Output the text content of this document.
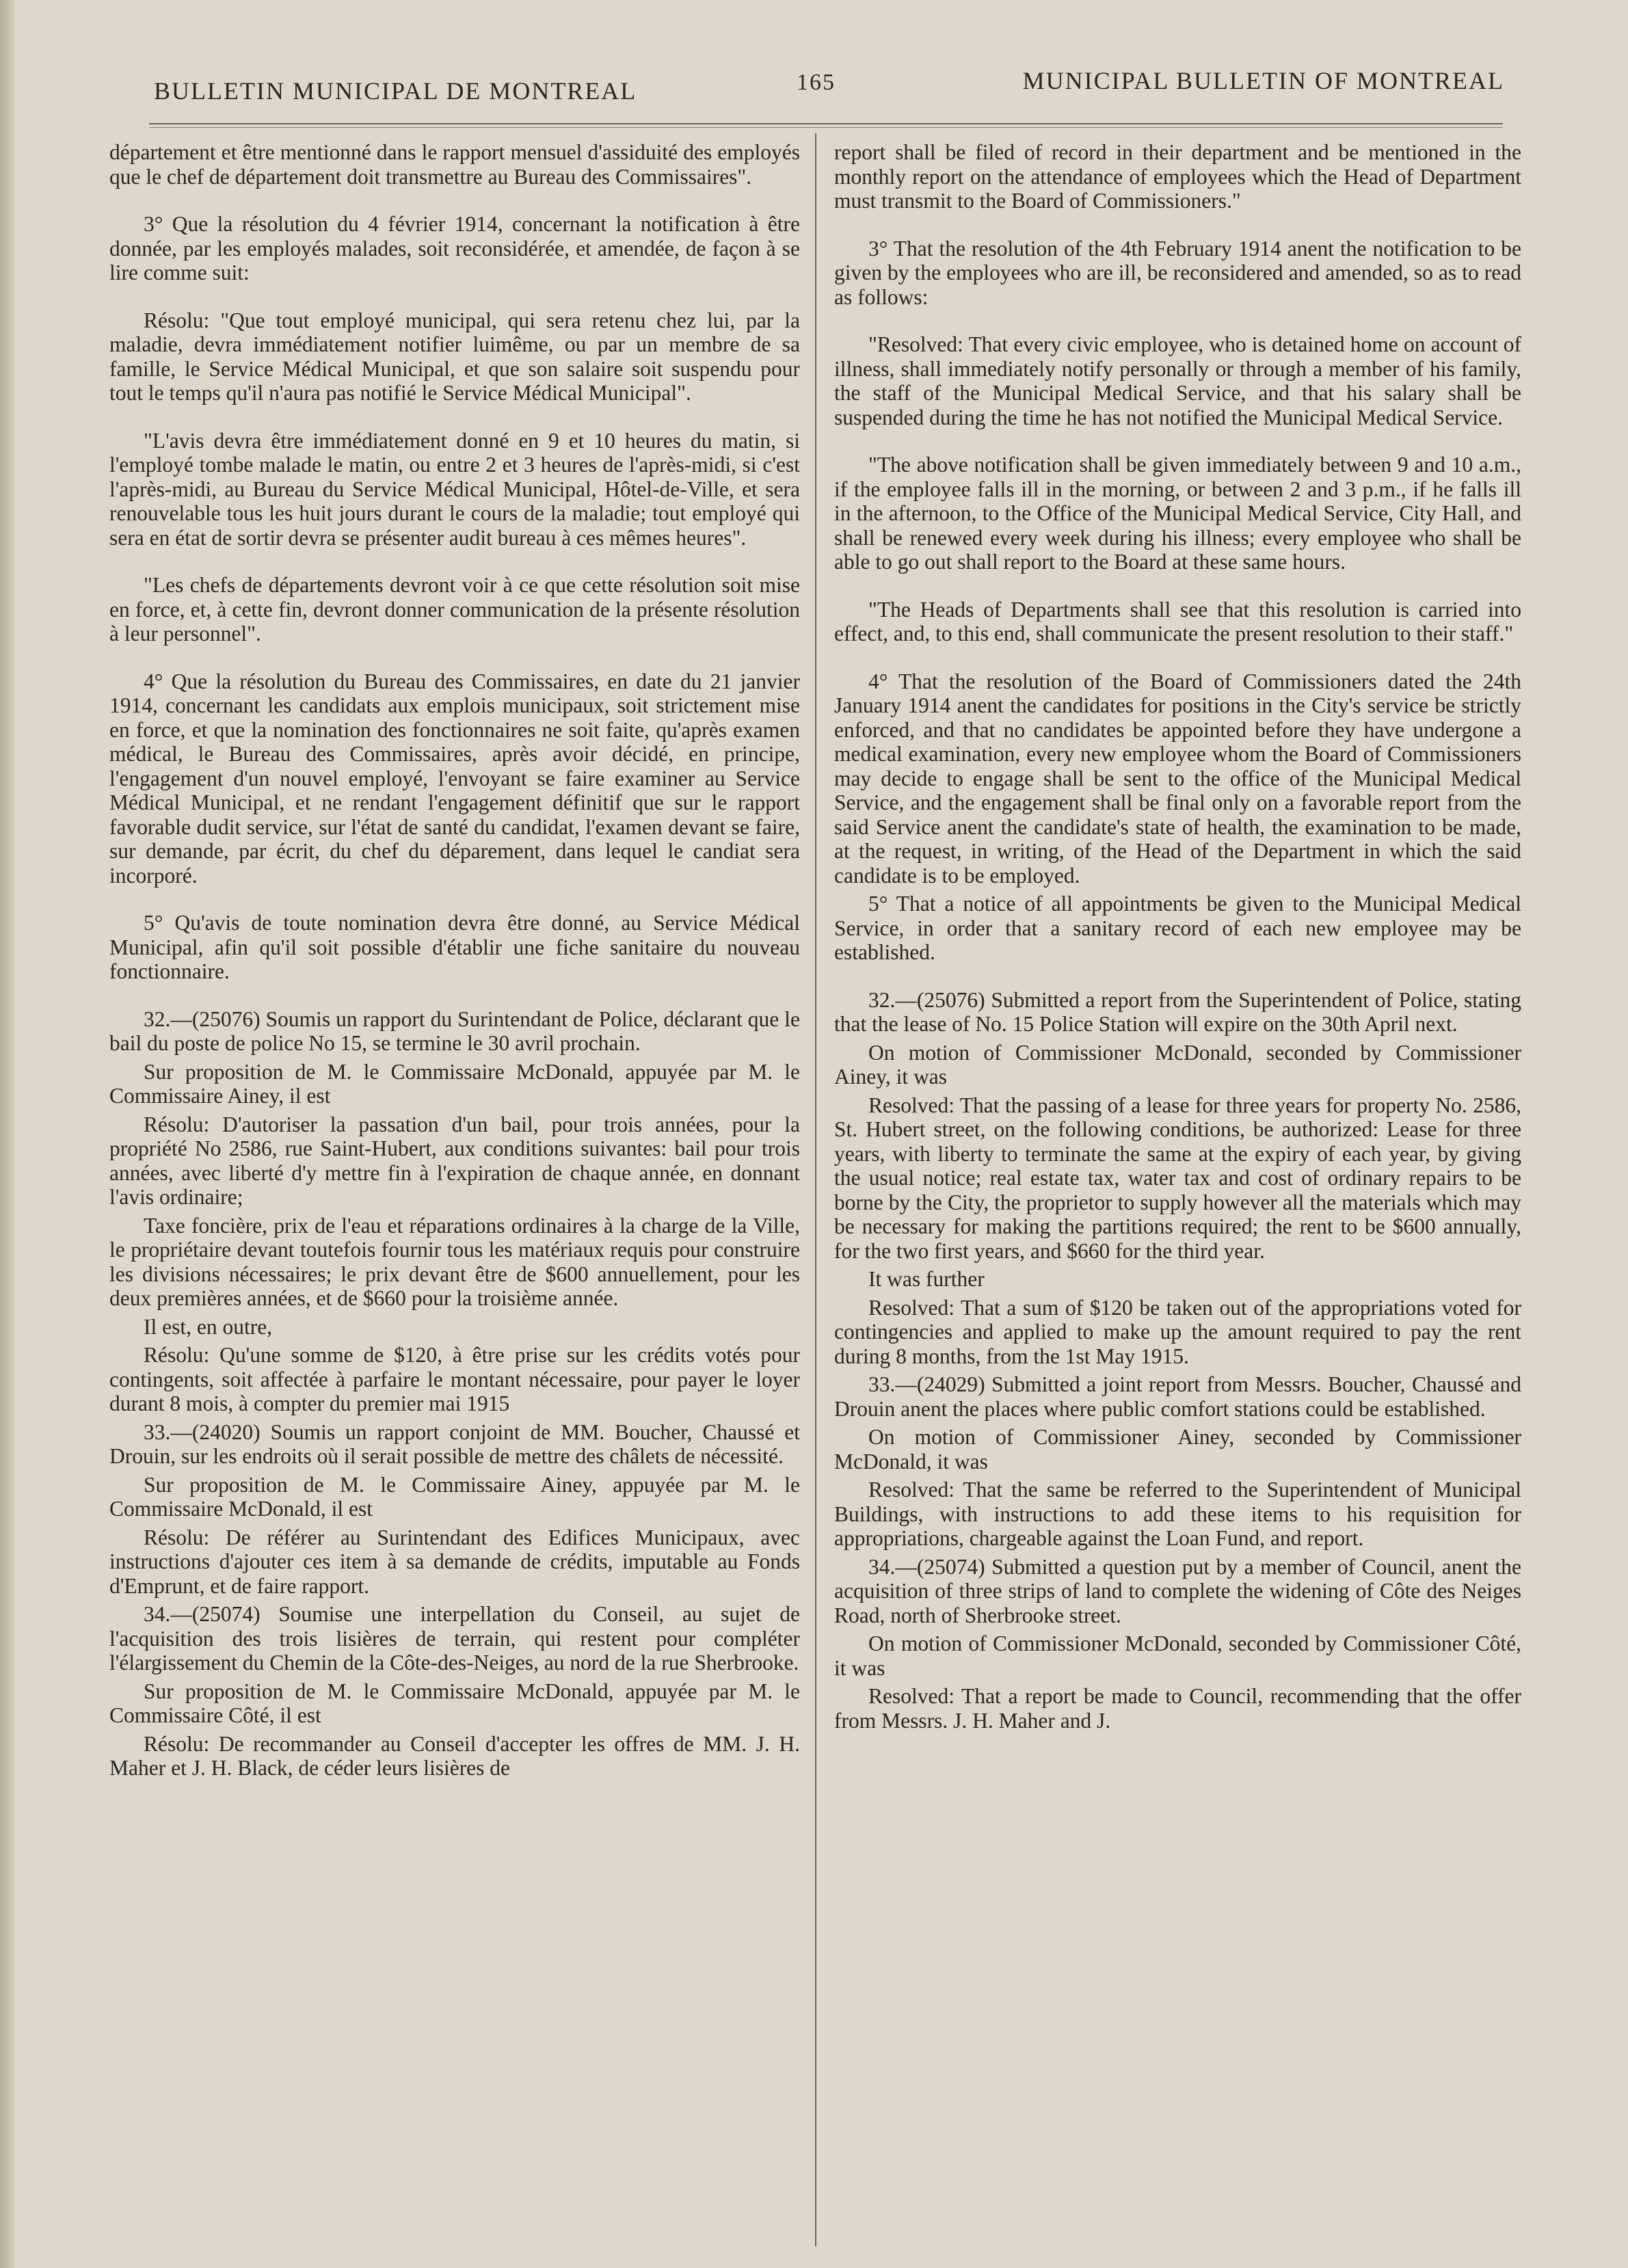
BULLETIN MUNICIPAL DE MONTREAL	165	MUNICIPAL BULLETIN OF MONTREAL

département et être mentionné dans le rapport mensuel d'assiduité des employés que le chef de département doit transmettre au Bureau des Commissaires".

3° Que la résolution du 4 février 1914, concernant la notification à être donnée, par les employés malades, soit reconsidérée, et amendée, de façon à se lire comme suit:

Résolu: "Que tout employé municipal, qui sera retenu chez lui, par la maladie, devra immédiatement notifier luimême, ou par un membre de sa famille, le Service Médical Municipal, et que son salaire soit suspendu pour tout le temps qu'il n'aura pas notifié le Service Médical Municipal".

"L'avis devra être immédiatement donné en 9 et 10 heures du matin, si l'employé tombe malade le matin, ou entre 2 et 3 heures de l'après-midi, si c'est l'après-midi, au Bureau du Service Médical Municipal, Hôtel-de-Ville, et sera renouvelable tous les huit jours durant le cours de la maladie; tout employé qui sera en état de sortir devra se présenter audit bureau à ces mêmes heures".

"Les chefs de départements devront voir à ce que cette résolution soit mise en force, et, à cette fin, devront donner communication de la présente résolution à leur personnel".

4° Que la résolution du Bureau des Commissaires, en date du 21 janvier 1914, concernant les candidats aux emplois municipaux, soit strictement mise en force, et que la nomination des fonctionnaires ne soit faite, qu'après examen médical, le Bureau des Commissaires, après avoir décidé, en principe, l'engagement d'un nouvel employé, l'envoyant se faire examiner au Service Médical Municipal, et ne rendant l'engagement définitif que sur le rapport favorable dudit service, sur l'état de santé du candidat, l'examen devant se faire, sur demande, par écrit, du chef du déparement, dans lequel le candiat sera incorporé.

5° Qu'avis de toute nomination devra être donné, au Service Médical Municipal, afin qu'il soit possible d'établir une fiche sanitaire du nouveau fonctionnaire.

32.—(25076) Soumis un rapport du Surintendant de Police, déclarant que le bail du poste de police No 15, se termine le 30 avril prochain.

Sur proposition de M. le Commissaire McDonald, appuyée par M. le Commissaire Ainey, il est

Résolu: D'autoriser la passation d'un bail, pour trois années, pour la propriété No 2586, rue Saint-Hubert, aux conditions suivantes: bail pour trois années, avec liberté d'y mettre fin à l'expiration de chaque année, en donnant l'avis ordinaire;

Taxe foncière, prix de l'eau et réparations ordinaires à la charge de la Ville, le propriétaire devant toutefois fournir tous les matériaux requis pour construire les divisions nécessaires; le prix devant être de $600 annuellement, pour les deux premières années, et de $660 pour la troisième année.

Il est, en outre,

Résolu: Qu'une somme de $120, à être prise sur les crédits votés pour contingents, soit affectée à parfaire le montant nécessaire, pour payer le loyer durant 8 mois, à compter du premier mai 1915

33.—(24020) Soumis un rapport conjoint de MM. Boucher, Chaussé et Drouin, sur les endroits où il serait possible de mettre des châlets de nécessité.

Sur proposition de M. le Commissaire Ainey, appuyée par M. le Commissaire McDonald, il est

Résolu: De référer au Surintendant des Edifices Municipaux, avec instructions d'ajouter ces item à sa demande de crédits, imputable au Fonds d'Emprunt, et de faire rapport.

34.—(25074) Soumise une interpellation du Conseil, au sujet de l'acquisition des trois lisières de terrain, qui restent pour compléter l'élargissement du Chemin de la Côte-des-Neiges, au nord de la rue Sherbrooke.

Sur proposition de M. le Commissaire McDonald, appuyée par M. le Commissaire Côté, il est

Résolu: De recommander au Conseil d'accepter les offres de MM. J. H. Maher et J. H. Black, de céder leurs lisières de

report shall be filed of record in their department and be mentioned in the monthly report on the attendance of employees which the Head of Department must transmit to the Board of Commissioners."

3° That the resolution of the 4th February 1914 anent the notification to be given by the employees who are ill, be reconsidered and amended, so as to read as follows:

"Resolved: That every civic employee, who is detained home on account of illness, shall immediately notify personally or through a member of his family, the staff of the Municipal Medical Service, and that his salary shall be suspended during the time he has not notified the Municipal Medical Service.

"The above notification shall be given immediately between 9 and 10 a.m., if the employee falls ill in the morning, or between 2 and 3 p.m., if he falls ill in the afternoon, to the Office of the Municipal Medical Service, City Hall, and shall be renewed every week during his illness; every employee who shall be able to go out shall report to the Board at these same hours.

"The Heads of Departments shall see that this resolution is carried into effect, and, to this end, shall communicate the present resolution to their staff."

4° That the resolution of the Board of Commissioners dated the 24th January 1914 anent the candidates for positions in the City's service be strictly enforced, and that no candidates be appointed before they have undergone a medical examination, every new employee whom the Board of Commissioners may decide to engage shall be sent to the office of the Municipal Medical Service, and the engagement shall be final only on a favorable report from the said Service anent the candidate's state of health, the examination to be made, at the request, in writing, of the Head of the Department in which the said candidate is to be employed.

5° That a notice of all appointments be given to the Municipal Medical Service, in order that a sanitary record of each new employee may be established.

32.—(25076) Submitted a report from the Superintendent of Police, stating that the lease of No. 15 Police Station will expire on the 30th April next.

On motion of Commissioner McDonald, seconded by Commissioner Ainey, it was

Resolved: That the passing of a lease for three years for property No. 2586, St. Hubert street, on the following conditions, be authorized: Lease for three years, with liberty to terminate the same at the expiry of each year, by giving the usual notice; real estate tax, water tax and cost of ordinary repairs to be borne by the City, the proprietor to supply however all the materials which may be necessary for making the partitions required; the rent to be $600 annually, for the two first years, and $660 for the third year.

It was further

Resolved: That a sum of $120 be taken out of the appropriations voted for contingencies and applied to make up the amount required to pay the rent during 8 months, from the 1st May 1915.

33.—(24029) Submitted a joint report from Messrs. Boucher, Chaussé and Drouin anent the places where public comfort stations could be established.

On motion of Commissioner Ainey, seconded by Commissioner McDonald, it was

Resolved: That the same be referred to the Superintendent of Municipal Buildings, with instructions to add these items to his requisition for appropriations, chargeable against the Loan Fund, and report.

34.—(25074) Submitted a question put by a member of Council, anent the acquisition of three strips of land to complete the widening of Côte des Neiges Road, north of Sherbrooke street.

On motion of Commissioner McDonald, seconded by Commissioner Côté, it was

Resolved: That a report be made to Council, recommending that the offer from Messrs. J. H. Maher and J.
